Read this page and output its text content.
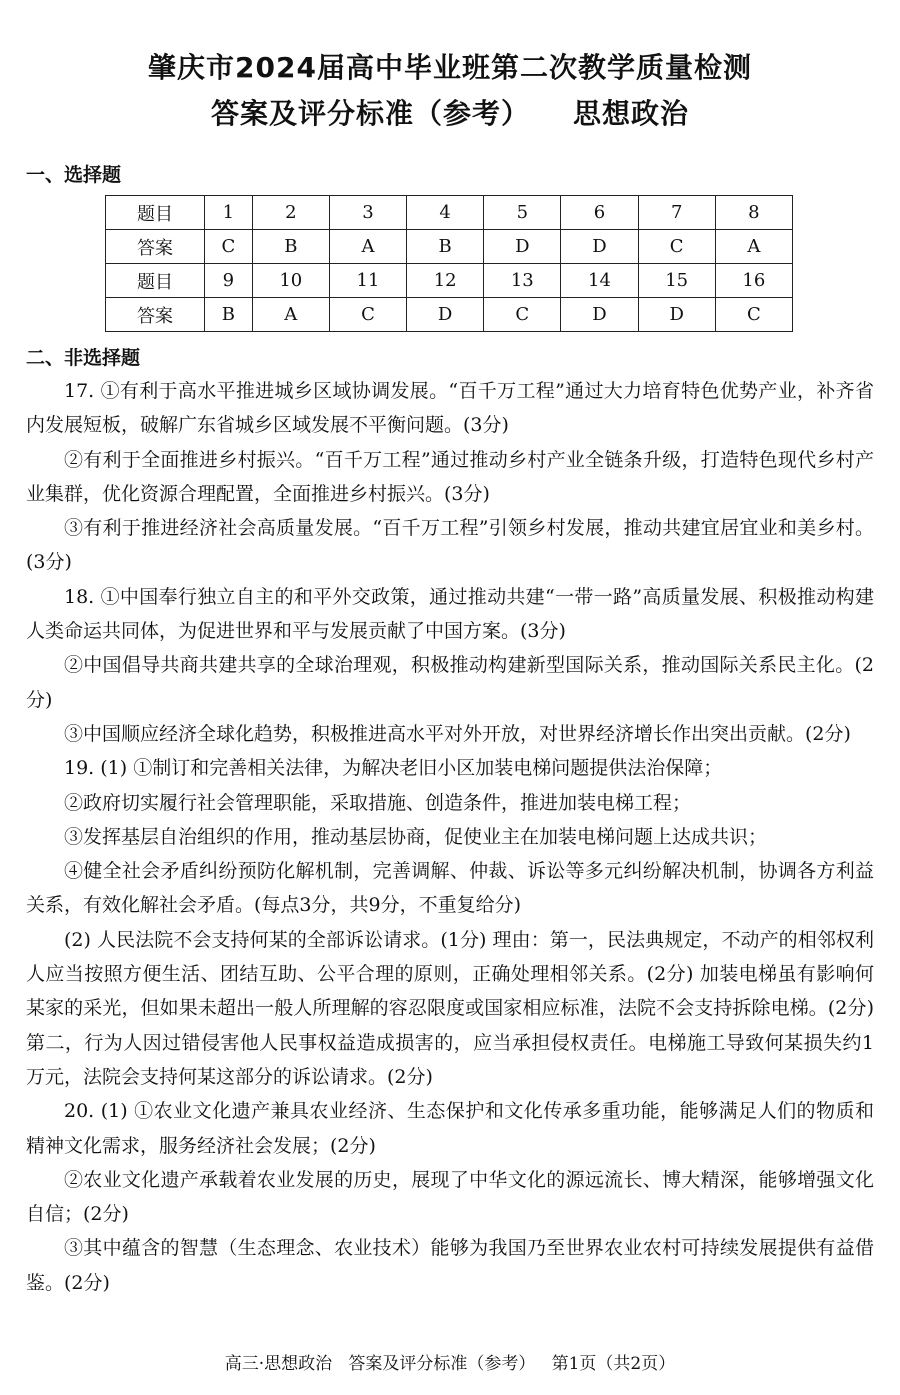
肇庆市2024届高中毕业班第二次教学质量检测
答案及评分标准（参考）    思想政治
一、选择题
题目	1	2	3	4	5	6	7	8
答案	C	B	A	B	D	D	C	A
题目	9	10	11	12	13	14	15	16
答案	B	A	C	D	C	D	D	C
二、非选择题

17. ①有利于高水平推进城乡区域协调发展。“百千万工程”通过大力培育特色优势产业，补齐省内发展短板，破解广东省城乡区域发展不平衡问题。(3分)

②有利于全面推进乡村振兴。“百千万工程”通过推动乡村产业全链条升级，打造特色现代乡村产业集群，优化资源合理配置，全面推进乡村振兴。(3分)

③有利于推进经济社会高质量发展。“百千万工程”引领乡村发展，推动共建宜居宜业和美乡村。(3分)

18. ①中国奉行独立自主的和平外交政策，通过推动共建“一带一路”高质量发展、积极推动构建人类命运共同体，为促进世界和平与发展贡献了中国方案。(3分)

②中国倡导共商共建共享的全球治理观，积极推动构建新型国际关系，推动国际关系民主化。(2分)

③中国顺应经济全球化趋势，积极推进高水平对外开放，对世界经济增长作出突出贡献。(2分)

19. (1) ①制订和完善相关法律，为解决老旧小区加装电梯问题提供法治保障；

②政府切实履行社会管理职能，采取措施、创造条件，推进加装电梯工程；

③发挥基层自治组织的作用，推动基层协商，促使业主在加装电梯问题上达成共识；

④健全社会矛盾纠纷预防化解机制，完善调解、仲裁、诉讼等多元纠纷解决机制，协调各方利益关系，有效化解社会矛盾。(每点3分，共9分，不重复给分)

(2) 人民法院不会支持何某的全部诉讼请求。(1分) 理由：第一，民法典规定，不动产的相邻权利人应当按照方便生活、团结互助、公平合理的原则，正确处理相邻关系。(2分) 加装电梯虽有影响何某家的采光，但如果未超出一般人所理解的容忍限度或国家相应标准，法院不会支持拆除电梯。(2分) 第二，行为人因过错侵害他人民事权益造成损害的，应当承担侵权责任。电梯施工导致何某损失约1万元，法院会支持何某这部分的诉讼请求。(2分)

20. (1) ①农业文化遗产兼具农业经济、生态保护和文化传承多重功能，能够满足人们的物质和精神文化需求，服务经济社会发展；(2分)

②农业文化遗产承载着农业发展的历史，展现了中华文化的源远流长、博大精深，能够增强文化自信；(2分)

③其中蕴含的智慧（生态理念、农业技术）能够为我国乃至世界农业农村可持续发展提供有益借鉴。(2分)

高三·思想政治   答案及评分标准（参考）   第1页（共2页）
